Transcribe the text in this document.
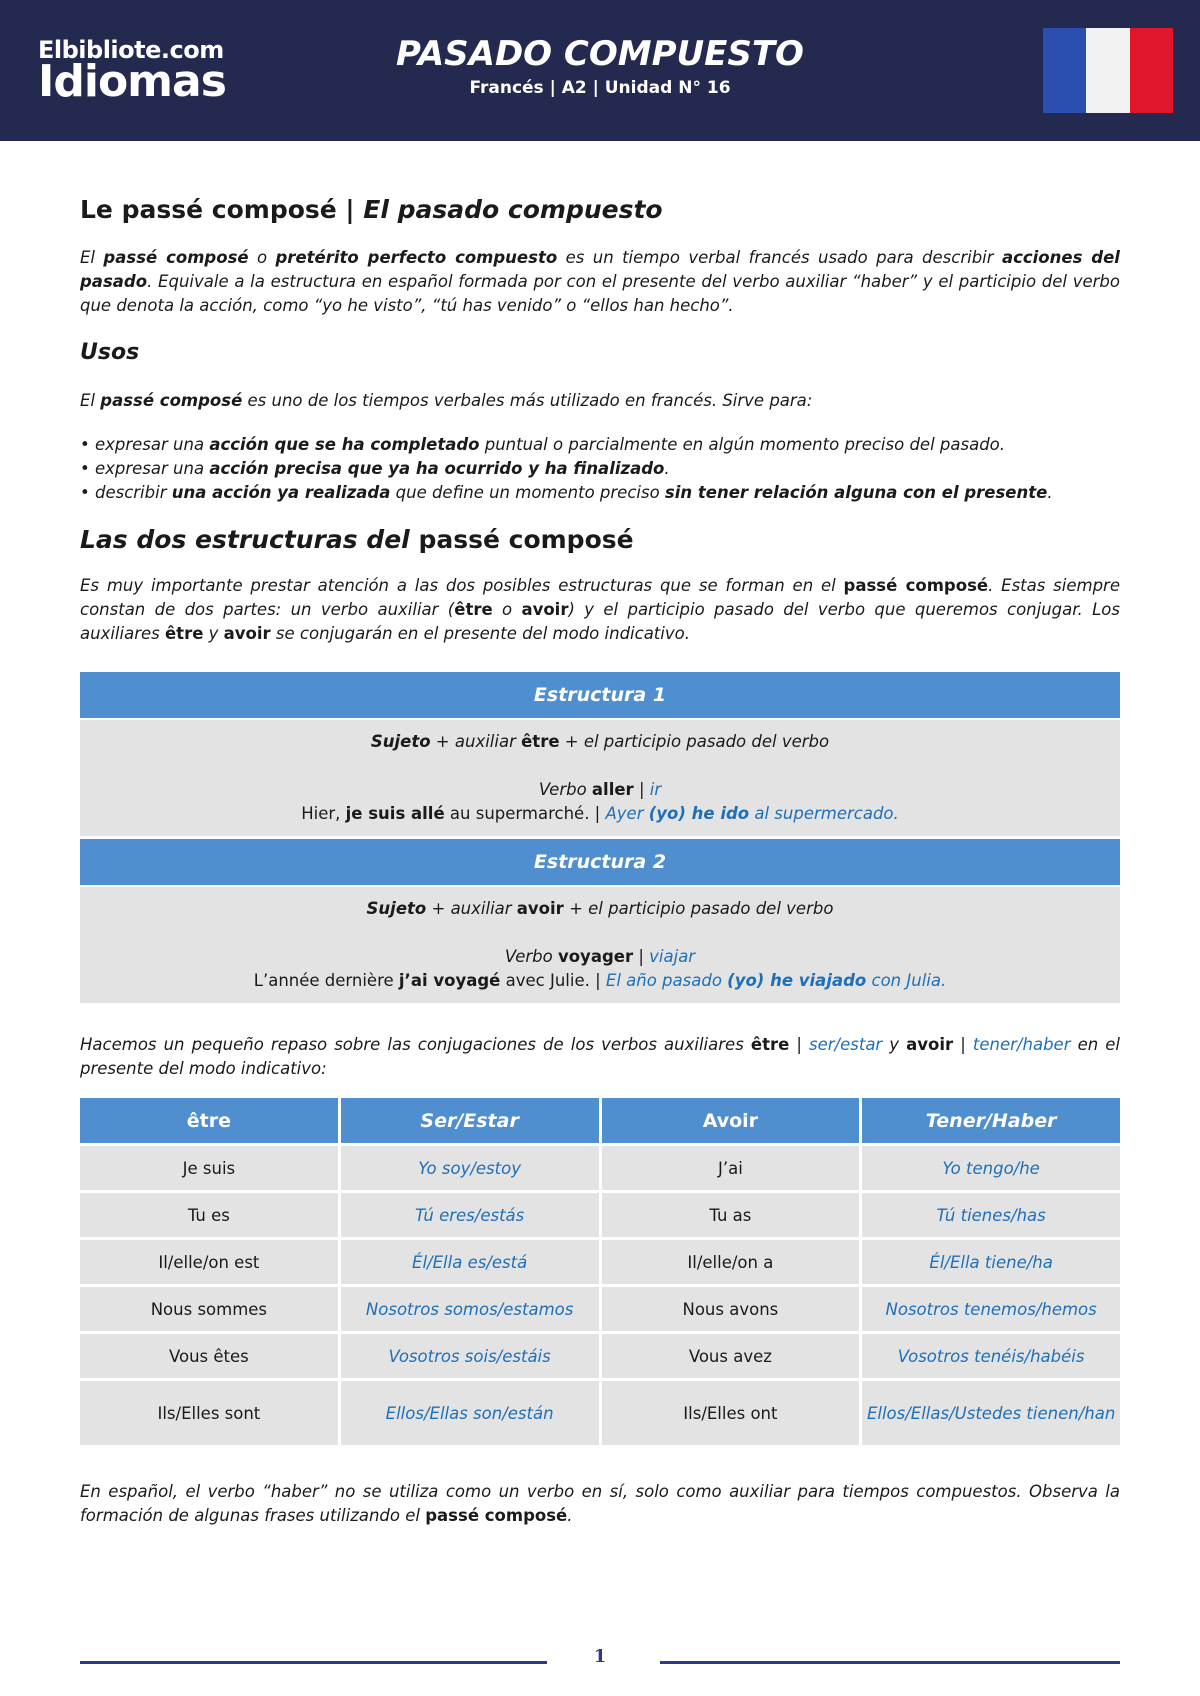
Elbibliote.com
Idiomas
PASADO COMPUESTO
Francés | A2 | Unidad N° 16
Le passé composé | El pasado compuesto

El passé composé o pretérito perfecto compuesto es un tiempo verbal francés usado para describir acciones del pasado. Equivale a la estructura en español formada por con el presente del verbo auxiliar “haber” y el participio del verbo que denota la acción, como “yo he visto”, “tú has venido” o “ellos han hecho”.

Usos

El passé composé es uno de los tiempos verbales más utilizado en francés. Sirve para:

• expresar una acción que se ha completado puntual o parcialmente en algún momento preciso del pasado.
• expresar una acción precisa que ya ha ocurrido y ha finalizado.
• describir una acción ya realizada que define un momento preciso sin tener relación alguna con el presente.
Las dos estructuras del passé composé

Es muy importante prestar atención a las dos posibles estructuras que se forman en el passé composé. Estas siempre constan de dos partes: un verbo auxiliar (être o avoir) y el participio pasado del verbo que queremos conjugar. Los auxiliares être y avoir se conjugarán en el presente del modo indicativo.

Estructura 1
Sujeto + auxiliar être + el participio pasado del verbo
Verbo aller | ir
Hier, je suis allé au supermarché. | Ayer (yo) he ido al supermercado.
Estructura 2
Sujeto + auxiliar avoir + el participio pasado del verbo
Verbo voyager | viajar
L’année dernière j’ai voyagé avec Julie. | El año pasado (yo) he viajado con Julia.

Hacemos un pequeño repaso sobre las conjugaciones de los verbos auxiliares être | ser/estar y avoir | tener/haber en el presente del modo indicativo:

être	Ser/Estar	Avoir	Tener/Haber
Je suis	Yo soy/estoy	J’ai	Yo tengo/he
Tu es	Tú eres/estás	Tu as	Tú tienes/has
Il/elle/on est	Él/Ella es/está	Il/elle/on a	Él/Ella tiene/ha
Nous sommes	Nosotros somos/estamos	Nous avons	Nosotros tenemos/hemos
Vous êtes	Vosotros sois/estáis	Vous avez	Vosotros tenéis/habéis
Ils/Elles sont	Ellos/Ellas son/están	Ils/Elles ont	Ellos/Ellas/Ustedes tienen/han

En español, el verbo “haber” no se utiliza como un verbo en sí, solo como auxiliar para tiempos compuestos. Observa la formación de algunas frases utilizando el passé composé.

1
